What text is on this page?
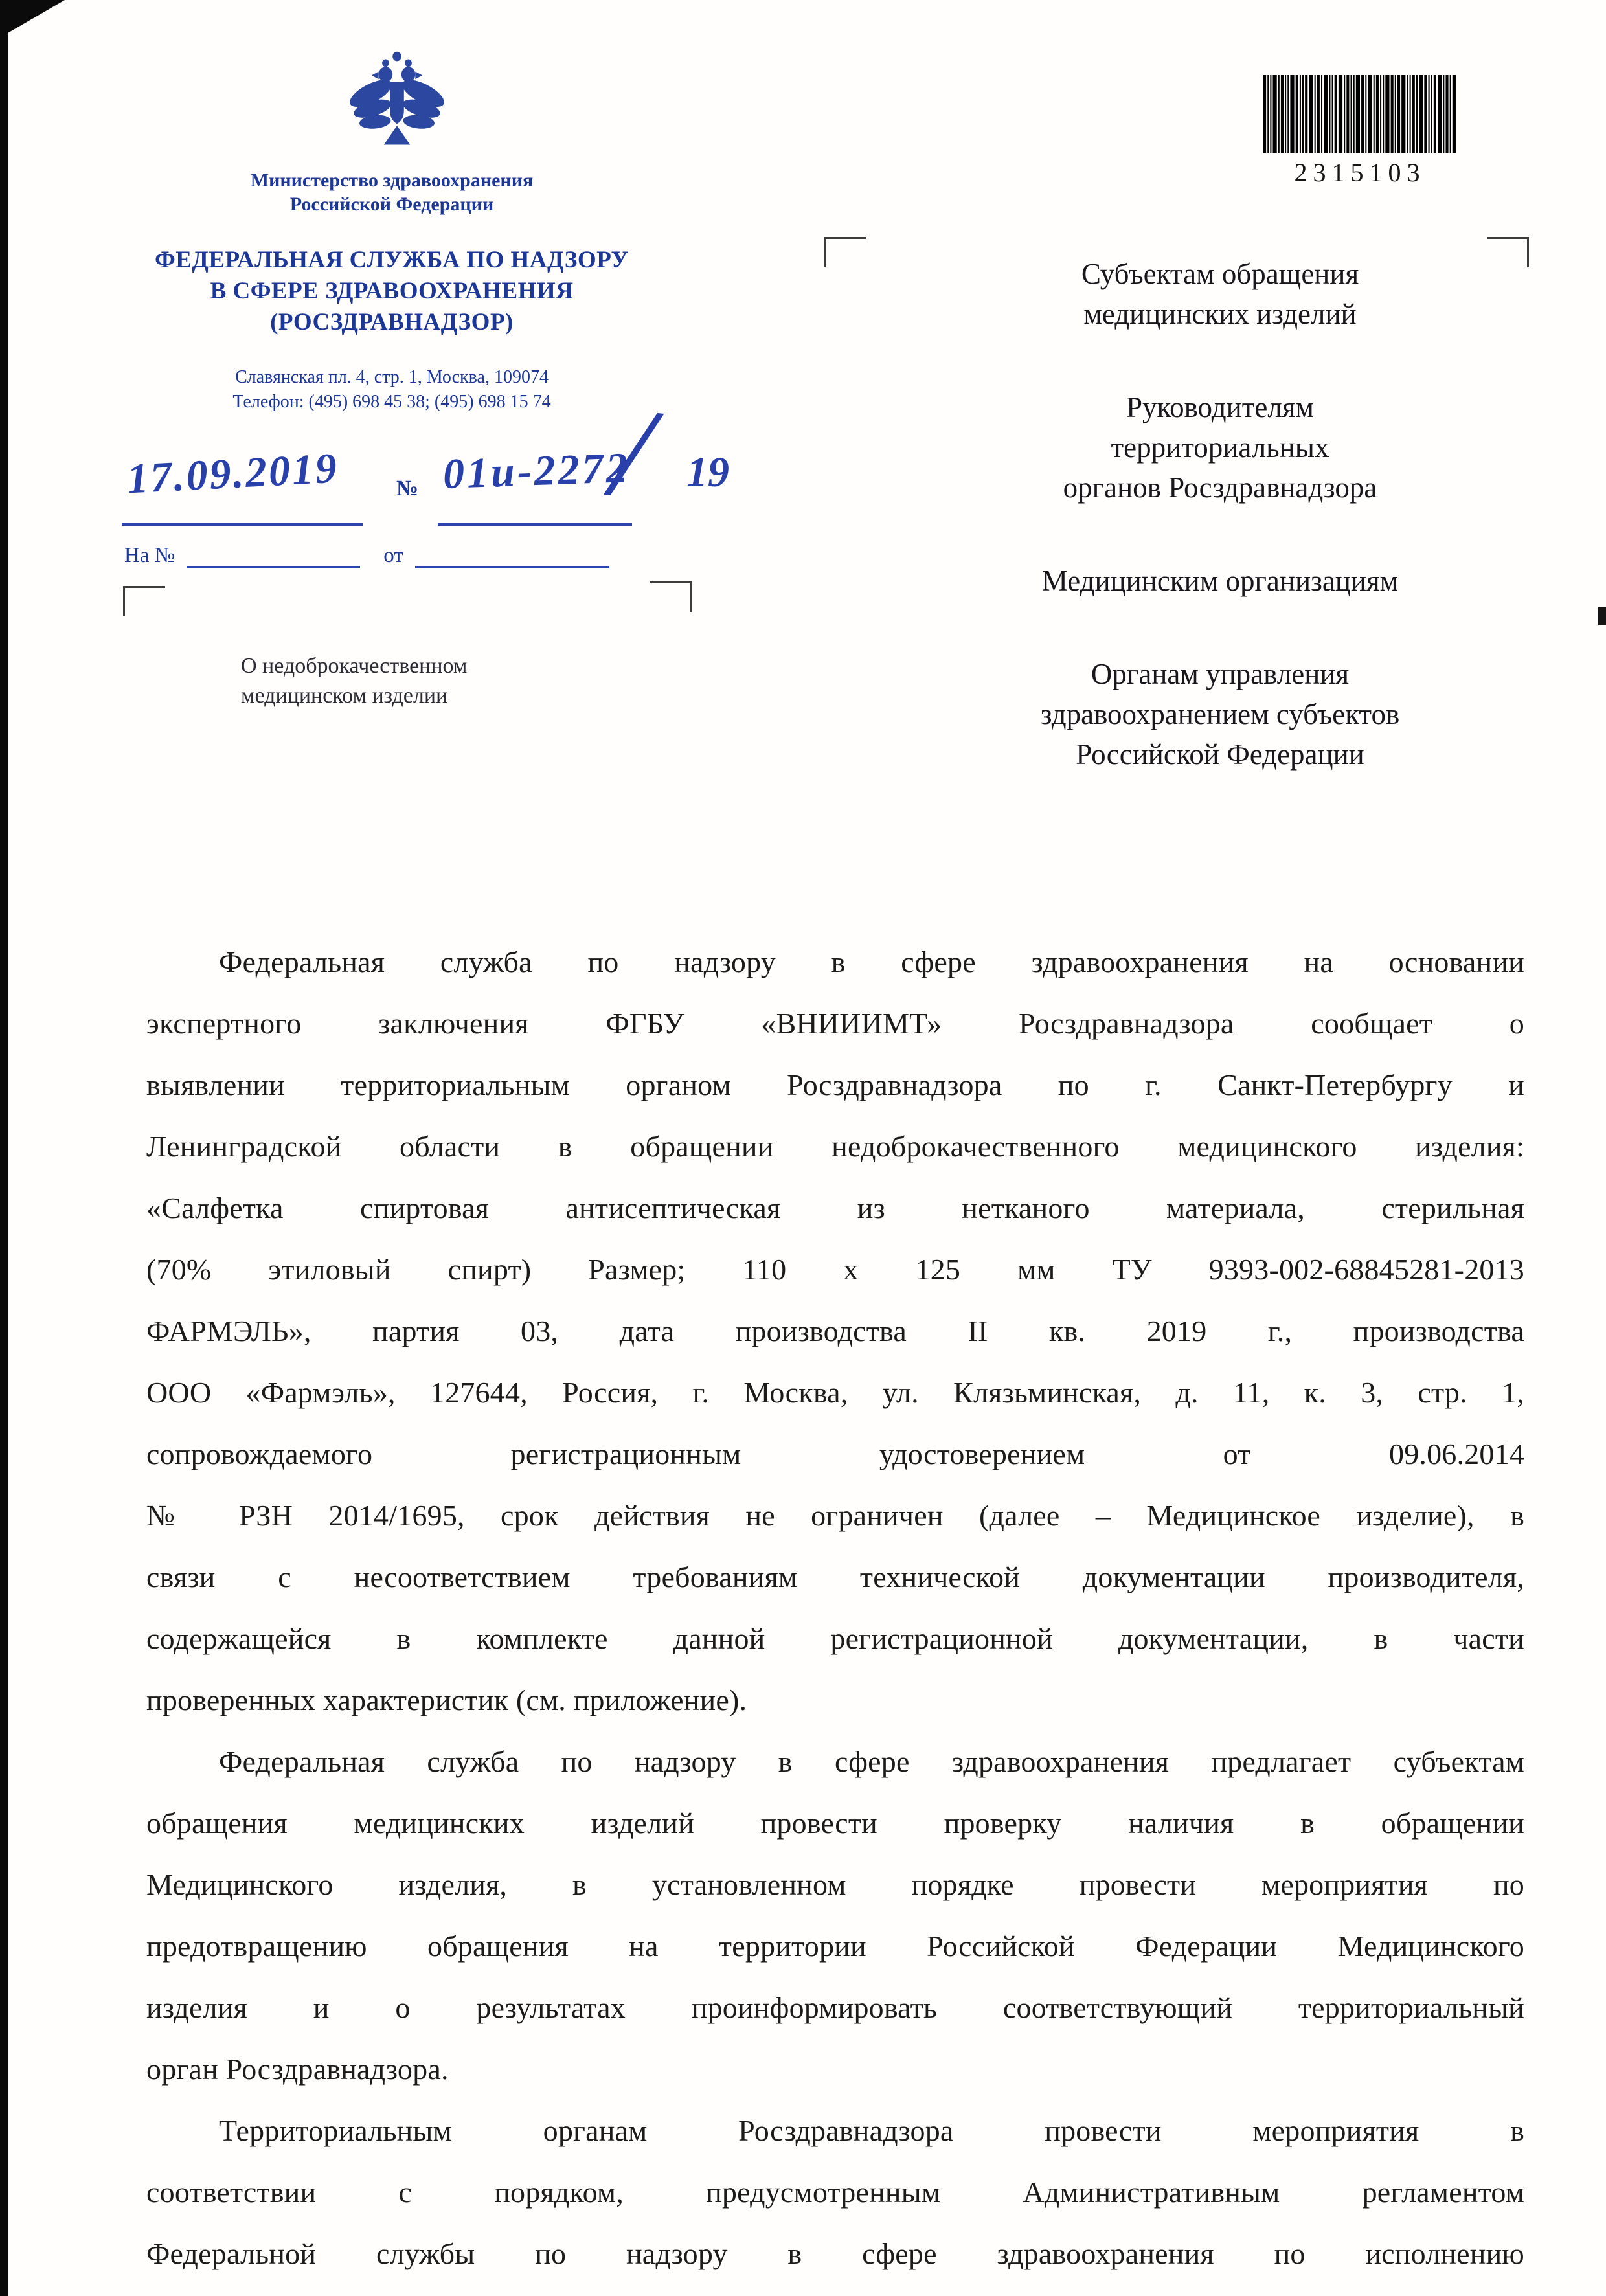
Министерство здравоохранения
Российской Федерации
ФЕДЕРАЛЬНАЯ СЛУЖБА ПО НАДЗОРУ
В СФЕРЕ ЗДРАВООХРАНЕНИЯ
(РОСЗДРАВНАДЗОР)
Славянская пл. 4, стр. 1, Москва, 109074
Телефон: (495) 698 45 38; (495) 698 15 74
2315103
17.09.2019	№ 01и-2272
/ 19
На №	от
О недоброкачественном
медицинском изделии
Субъектам обращения
медицинских изделий
Руководителям
территориальных
органов Росздравнадзора
Медицинским организациям
Органам управления
здравоохранением субъектов
Российской Федерации
Федеральная служба по надзору в сфере здравоохранения на основании
экспертного заключения ФГБУ «ВНИИИМТ» Росздравнадзора сообщает о
выявлении территориальным органом Росздравнадзора по г. Санкт-Петербургу и
Ленинградской области в обращении недоброкачественного медицинского изделия:
«Салфетка спиртовая антисептическая из нетканого материала, стерильная
(70% этиловый спирт) Размер; 110 х 125 мм ТУ 9393-002-68845281-2013
ФАРМЭЛЬ», партия 03, дата производства II кв. 2019 г., производства
ООО «Фармэль», 127644, Россия, г. Москва, ул. Клязьминская, д. 11, к. 3, стр. 1,
сопровождаемого регистрационным удостоверением от 09.06.2014
№ РЗН 2014/1695, срок действия не ограничен (далее – Медицинское изделие), в
связи с несоответствием требованиям технической документации производителя,
содержащейся в комплекте данной регистрационной документации, в части
проверенных характеристик (см. приложение).
Федеральная служба по надзору в сфере здравоохранения предлагает субъектам
обращения медицинских изделий провести проверку наличия в обращении
Медицинского изделия, в установленном порядке провести мероприятия по
предотвращению обращения на территории Российской Федерации Медицинского
изделия и о результатах проинформировать соответствующий территориальный
орган Росздравнадзора.
Территориальным органам Росздравнадзора провести мероприятия в
соответствии с порядком, предусмотренным Административным регламентом
Федеральной службы по надзору в сфере здравоохранения по исполнению
